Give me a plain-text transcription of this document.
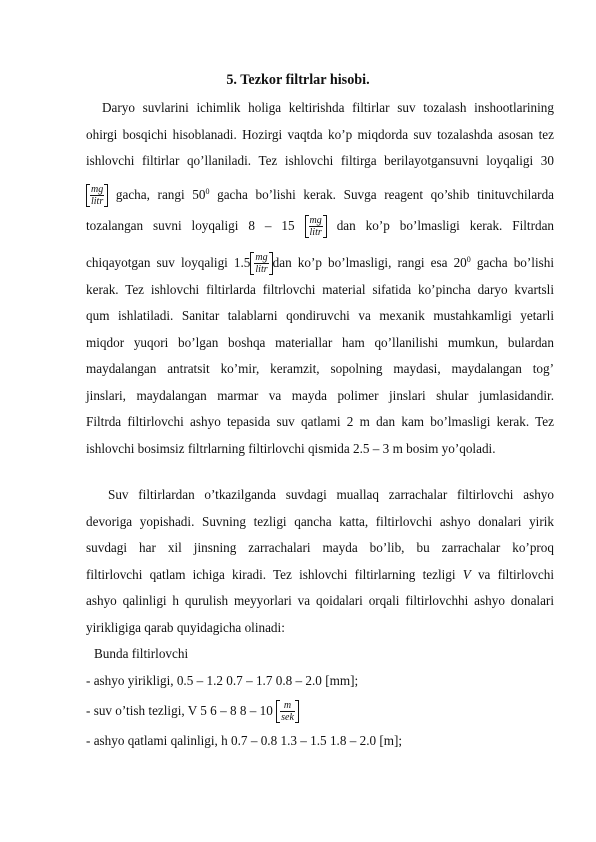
5. Tezkor filtrlar hisobi.
Daryo suvlarini ichimlik holiga keltirishda filtirlar suv tozalash inshootlarining
ohirgi bosqichi hisoblanadi. Hozirgi vaqtda ko’p miqdorda suv tozalashda asosan tez
ishlovchi filtirlar qo’llaniladi. Tez ishlovchi filtirga berilayotgansuvni loyqaligi 30
$\frac{mg}{\text{litr}}$ gacha, rangi $50^0$ gacha bo’lishi kerak. Suvga reagent qo’shib tinituvchilarda
tozalangan suvni loyqaligi $8 - 15 \frac{mg}{\text{litr}}$ dan ko’p bo’lmasligi kerak. Filtrdan
chiqayotgan suv loyqaligi $1.5 \frac{mg}{\text{litr}}$ dan ko’p bo’lmasligi, rangi esa $20^0$ gacha bo’lishi
kerak. Tez ishlovchi filtirlarda filtrlovchi material sifatida ko’pincha daryo kvartsli
qum ishlatiladi. Sanitar talablarni qondiruvchi va mexanik mustahkamligi yetarli
miqdor yuqori bo’lgan boshqa materiallar ham qo’llanilishi mumkun, bulardan
maydalangan antratsit ko’mir, keramzit, sopolning maydasi, maydalangan tog’
jinslari, maydalangan marmar va mayda polimer jinslari shular jumlasidandir.
Filtrda filtirlovchi ashyo tepasida suv qatlami 2 m dan kam bo’lmasligi kerak. Tez
ishlovchi bosimsiz filtrlarning filtirlovchi qismida 2.5 – 3 m bosim yo’qoladi.
Suv filtirlardan o’tkazilganda suvdagi muallaq zarrachalar filtirlovchi ashyo
devoriga yopishadi. Suvning tezligi qancha katta, filtirlovchi ashyo donalari yirik
suvdagi har xil jinsning zarrachalari mayda bo’lib, bu zarrachalar ko’proq
filtirlovchi qatlam ichiga kiradi. Tez ishlovchi filtirlarning tezligi V va filtirlovchi
ashyo qalinligi h qurulish meyyorlari va qoidalari orqali filtirlovchhi ashyo donalari
yirikligiga qarab quyidagicha olinadi:
Bunda filtirlovchi
- ashyo yirikligi, 0.5 – 1.2 0.7 – 1.7 0.8 – 2.0 [mm];
- suv o’tish tezligi, V 5 6 – 8 $8 - 10 \frac{m}{\text{sek}}$
- ashyo qatlami qalinligi, h 0.7 – 0.8 1.3 – 1.5 1.8 – 2.0 [m];
